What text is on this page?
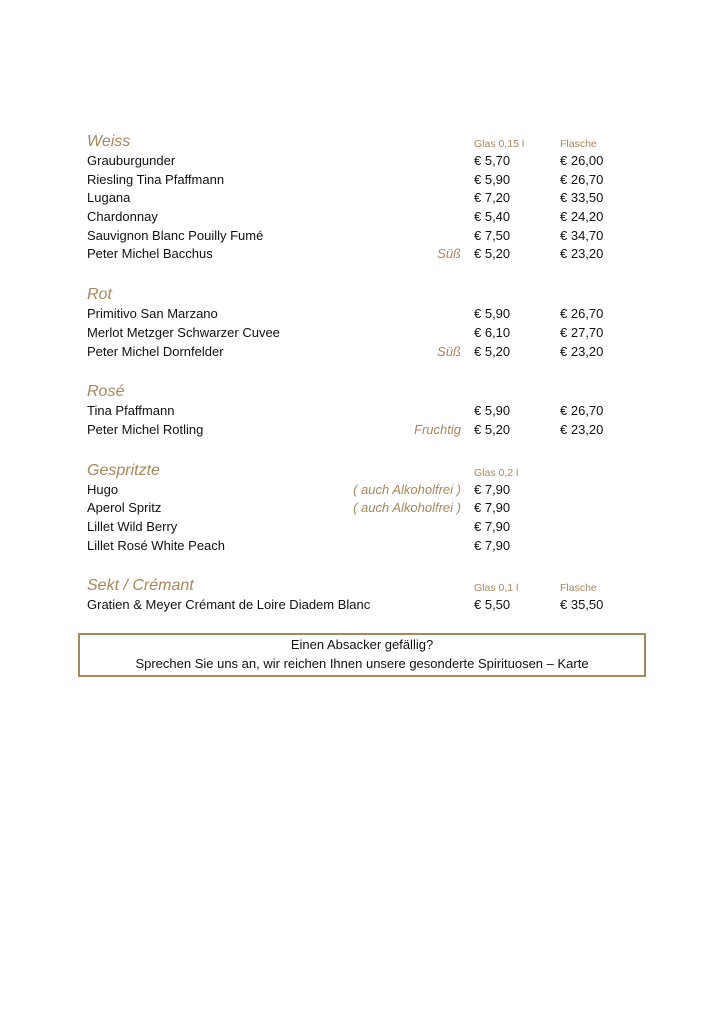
Weiss	Glas 0,15 l	Flasche
Grauburgunder	€ 5,70	€ 26,00
Riesling Tina Pfaffmann	€ 5,90	€ 26,70
Lugana	€ 7,20	€ 33,50
Chardonnay	€ 5,40	€ 24,20
Sauvignon Blanc Pouilly Fumé	€ 7,50	€ 34,70
Peter Michel Bacchus	Süß € 5,20	€ 23,20
Rot
Primitivo San Marzano	€ 5,90	€ 26,70
Merlot Metzger Schwarzer Cuvee	€ 6,10	€ 27,70
Peter Michel Dornfelder	Süß € 5,20	€ 23,20
Rosé
Tina Pfaffmann	€ 5,90	€ 26,70
Peter Michel Rotling	Fruchtig € 5,20	€ 23,20
Gespritzte	Glas 0,2 l
Hugo	( auch Alkoholfrei ) € 7,90
Aperol Spritz	( auch Alkoholfrei ) € 7,90
Lillet Wild Berry	€ 7,90
Lillet Rosé White Peach	€ 7,90
Sekt / Crémant	Glas 0,1 l	Flasche
Gratien & Meyer Crémant de Loire Diadem Blanc	€ 5,50	€ 35,50
Einen Absacker gefällig?
Sprechen Sie uns an, wir reichen Ihnen unsere gesonderte Spirituosen – Karte
